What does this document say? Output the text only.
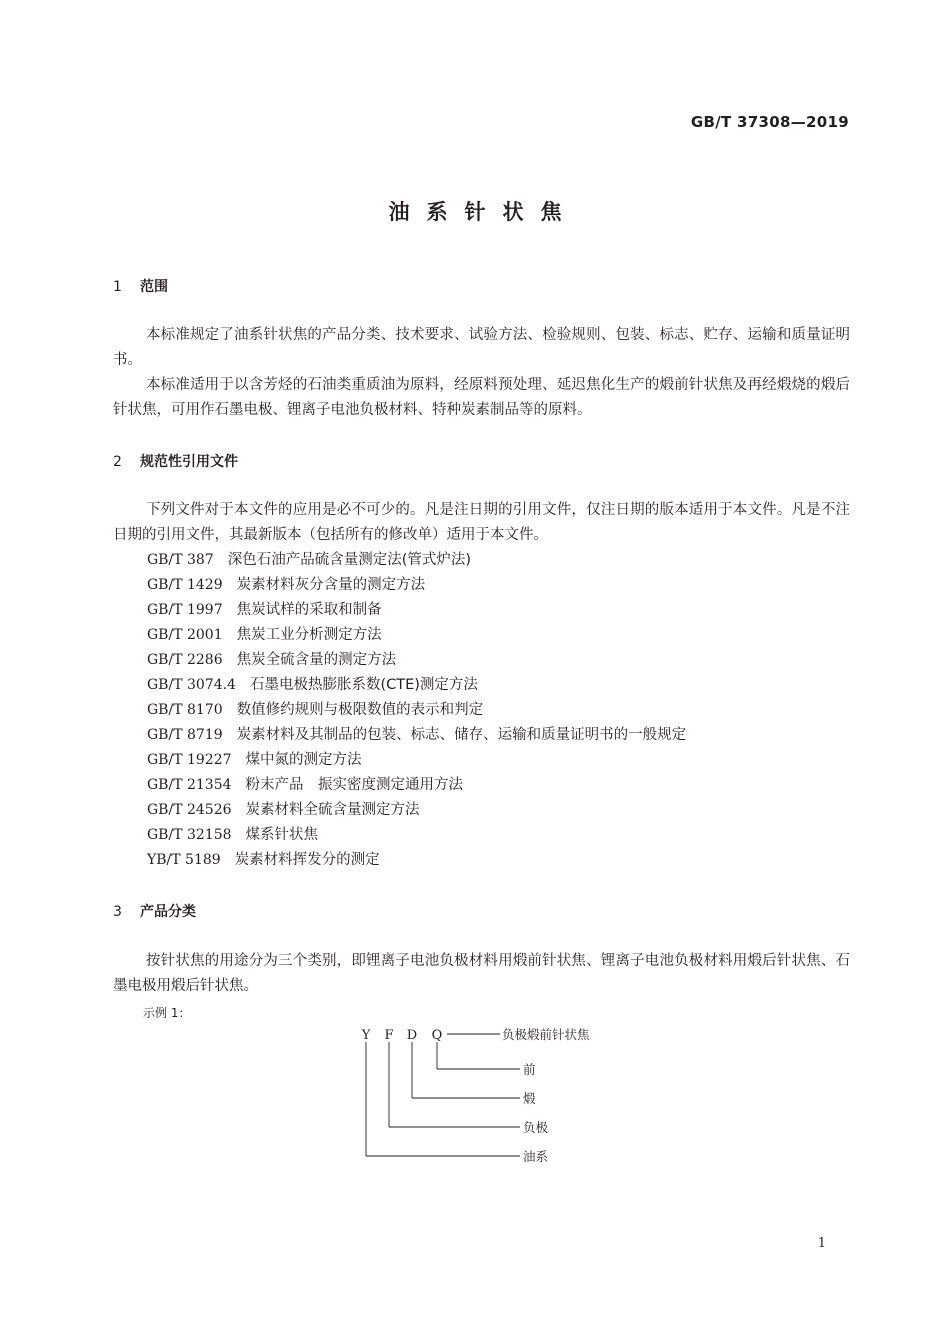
GB/T 37308—2019
油系针状焦
1 范围

本标准规定了油系针状焦的产品分类、技术要求、试验方法、检验规则、包装、标志、贮存、运输和质量证明书。

本标准适用于以含芳烃的石油类重质油为原料，经原料预处理、延迟焦化生产的煅前针状焦及再经煅烧的煅后针状焦，可用作石墨电极、锂离子电池负极材料、特种炭素制品等的原料。

2 规范性引用文件

下列文件对于本文件的应用是必不可少的。凡是注日期的引用文件，仅注日期的版本适用于本文件。凡是不注日期的引用文件，其最新版本（包括所有的修改单）适用于本文件。

GB/T 387 深色石油产品硫含量测定法(管式炉法)
GB/T 1429 炭素材料灰分含量的测定方法
GB/T 1997 焦炭试样的采取和制备
GB/T 2001 焦炭工业分析测定方法
GB/T 2286 焦炭全硫含量的测定方法
GB/T 3074.4 石墨电极热膨胀系数(CTE)测定方法
GB/T 8170 数值修约规则与极限数值的表示和判定
GB/T 8719 炭素材料及其制品的包装、标志、储存、运输和质量证明书的一般规定
GB/T 19227 煤中氮的测定方法
GB/T 21354 粉末产品　振实密度测定通用方法
GB/T 24526 炭素材料全硫含量测定方法
GB/T 32158 煤系针状焦
YB/T 5189 炭素材料挥发分的测定
3 产品分类

按针状焦的用途分为三个类别，即锂离子电池负极材料用煅前针状焦、锂离子电池负极材料用煅后针状焦、石墨电极用煅后针状焦。

示例 1：
Y F D Q	负极煅前针状焦
前
煅
负极
油系
1
